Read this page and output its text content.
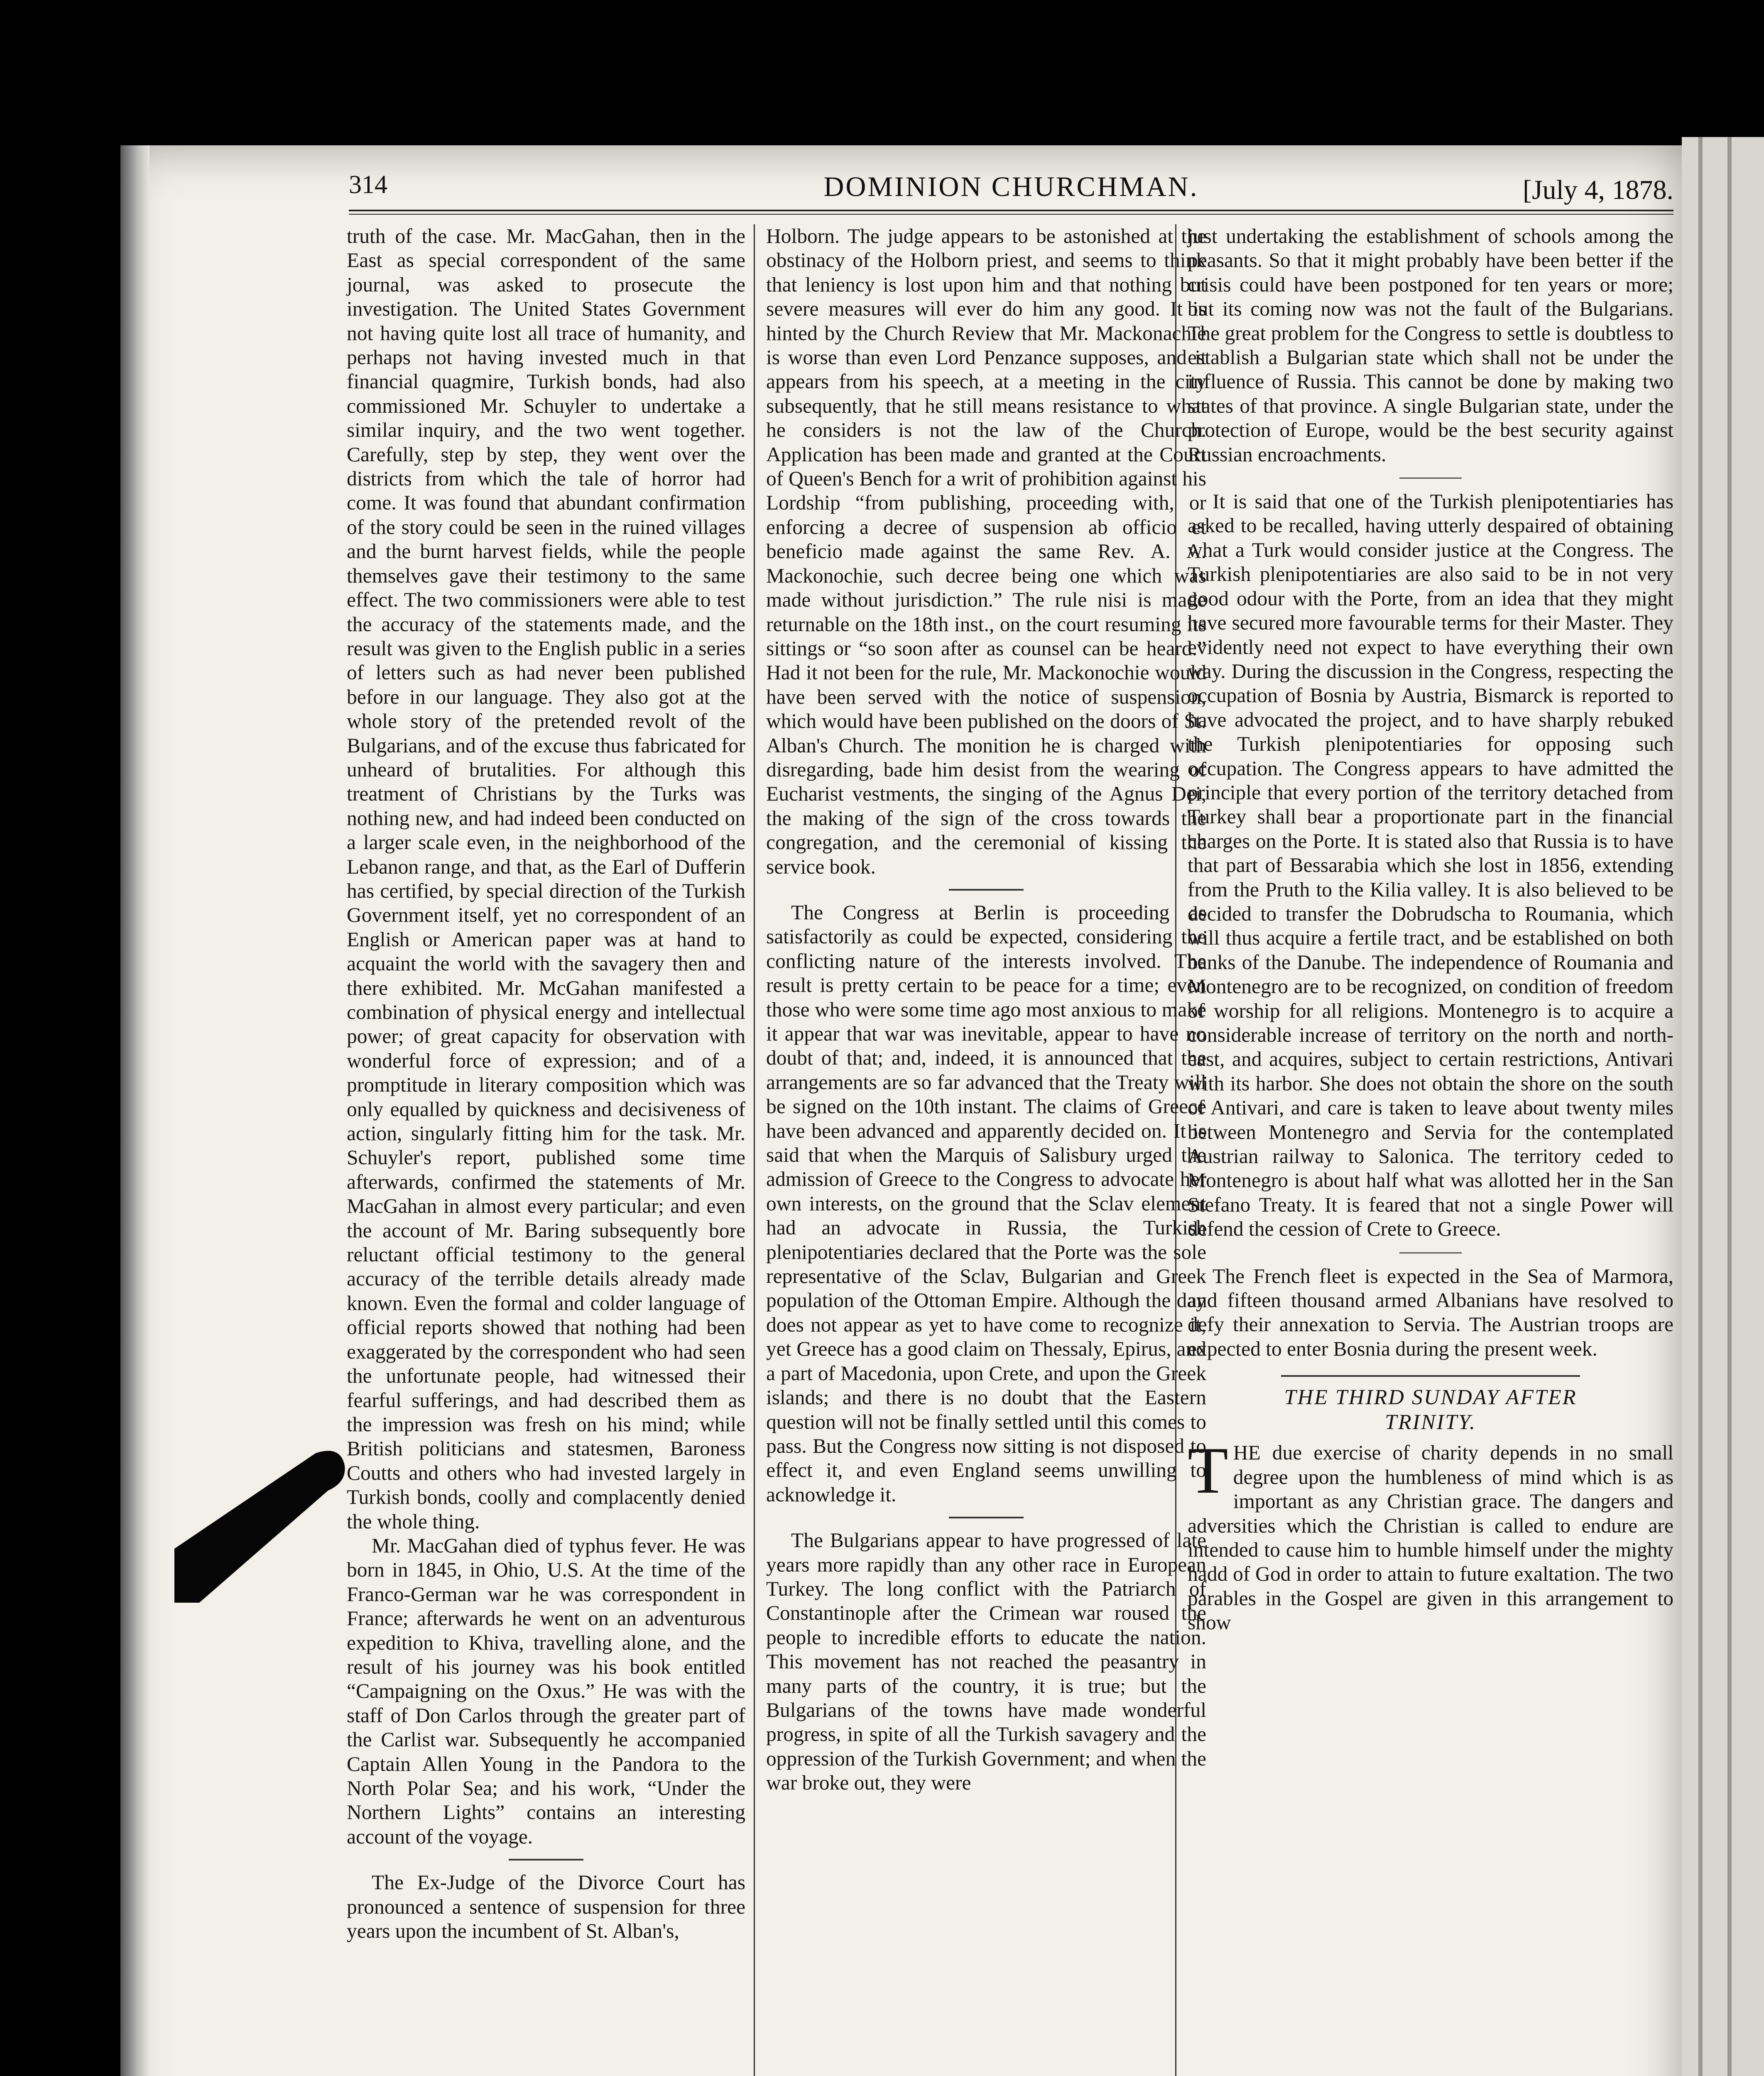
314	DOMINION CHURCHMAN.	[July 4, 1878.

truth of the case. Mr. MacGahan, then in the East as special correspondent of the same journal, was asked to prosecute the investigation. The United States Government not having quite lost all trace of humanity, and perhaps not having invested much in that financial quagmire, Turkish bonds, had also commissioned Mr. Schuyler to undertake a similar inquiry, and the two went together. Carefully, step by step, they went over the districts from which the tale of horror had come. It was found that abundant confirmation of the story could be seen in the ruined villages and the burnt harvest fields, while the people themselves gave their testimony to the same effect. The two commissioners were able to test the accuracy of the statements made, and the result was given to the English public in a series of letters such as had never been published before in our language. They also got at the whole story of the pretended revolt of the Bulgarians, and of the excuse thus fabricated for unheard of brutalities. For although this treatment of Christians by the Turks was nothing new, and had indeed been conducted on a larger scale even, in the neighborhood of the Lebanon range, and that, as the Earl of Dufferin has certified, by special direction of the Turkish Government itself, yet no correspondent of an English or American paper was at hand to acquaint the world with the savagery then and there exhibited. Mr. McGahan manifested a combination of physical energy and intellectual power; of great capacity for observation with wonderful force of expression; and of a promptitude in literary composition which was only equalled by quickness and decisiveness of action, singularly fitting him for the task. Mr. Schuyler's report, published some time afterwards, confirmed the statements of Mr. MacGahan in almost every particular; and even the account of Mr. Baring subsequently bore reluctant official testimony to the general accuracy of the terrible details already made known. Even the formal and colder language of official reports showed that nothing had been exaggerated by the correspondent who had seen the unfortunate people, had witnessed their fearful sufferings, and had described them as the impression was fresh on his mind; while British politicians and statesmen, Baroness Coutts and others who had invested largely in Turkish bonds, coolly and complacently denied the whole thing.

Mr. MacGahan died of typhus fever. He was born in 1845, in Ohio, U.S. At the time of the Franco-German war he was correspondent in France; afterwards he went on an adventurous expedition to Khiva, travelling alone, and the result of his journey was his book entitled “Campaigning on the Oxus.” He was with the staff of Don Carlos through the greater part of the Carlist war. Subsequently he accompanied Captain Allen Young in the Pandora to the North Polar Sea; and his work, “Under the Northern Lights” contains an interesting account of the voyage.

The Ex-Judge of the Divorce Court has pronounced a sentence of suspension for three years upon the incumbent of St. Alban's,

Holborn. The judge appears to be astonished at the obstinacy of the Holborn priest, and seems to think that leniency is lost upon him and that nothing but severe measures will ever do him any good. It is hinted by the Church Review that Mr. Mackonachie is worse than even Lord Penzance supposes, and it appears from his speech, at a meeting in the city subsequently, that he still means resistance to what he considers is not the law of the Church. Application has been made and granted at the Court of Queen's Bench for a writ of prohibition against his Lordship “from publishing, proceeding with, or enforcing a decree of suspension ab officio et beneficio made against the same Rev. A. A. Mackonochie, such decree being one which was made without jurisdiction.” The rule nisi is made returnable on the 18th inst., on the court resuming its sittings or “so soon after as counsel can be heard.” Had it not been for the rule, Mr. Mackonochie would have been served with the notice of suspension, which would have been published on the doors of St. Alban's Church. The monition he is charged with disregarding, bade him desist from the wearing of Eucharist vestments, the singing of the Agnus Dei, the making of the sign of the cross towards the congregation, and the ceremonial of kissing the service book.

The Congress at Berlin is proceeding as satisfactorily as could be expected, considering the conflicting nature of the interests involved. The result is pretty certain to be peace for a time; even those who were some time ago most anxious to make it appear that war was inevitable, appear to have no doubt of that; and, indeed, it is announced that the arrangements are so far advanced that the Treaty will be signed on the 10th instant. The claims of Greece have been advanced and apparently decided on. It is said that when the Marquis of Salisbury urged the admission of Greece to the Congress to advocate her own interests, on the ground that the Sclav element had an advocate in Russia, the Turkish plenipotentiaries declared that the Porte was the sole representative of the Sclav, Bulgarian and Greek population of the Ottoman Empire. Although the day does not appear as yet to have come to recognize it, yet Greece has a good claim on Thessaly, Epirus, and a part of Macedonia, upon Crete, and upon the Greek islands; and there is no doubt that the Eastern question will not be finally settled until this comes to pass. But the Congress now sitting is not disposed to effect it, and even England seems unwilling to acknowledge it.

The Bulgarians appear to have progressed of late years more rapidly than any other race in European Turkey. The long conflict with the Patriarch of Constantinople after the Crimean war roused the people to incredible efforts to educate the nation. This movement has not reached the peasantry in many parts of the country, it is true; but the Bulgarians of the towns have made wonderful progress, in spite of all the Turkish savagery and the oppression of the Turkish Government; and when the war broke out, they were

just undertaking the establishment of schools among the peasants. So that it might probably have been better if the crisis could have been postponed for ten years or more; but its coming now was not the fault of the Bulgarians. The great problem for the Congress to settle is doubtless to establish a Bulgarian state which shall not be under the influence of Russia. This cannot be done by making two states of that province. A single Bulgarian state, under the protection of Europe, would be the best security against Russian encroachments.

It is said that one of the Turkish plenipotentiaries has asked to be recalled, having utterly despaired of obtaining what a Turk would consider justice at the Congress. The Turkish plenipotentiaries are also said to be in not very good odour with the Porte, from an idea that they might have secured more favourable terms for their Master. They evidently need not expect to have everything their own way. During the discussion in the Congress, respecting the occupation of Bosnia by Austria, Bismarck is reported to have advocated the project, and to have sharply rebuked the Turkish plenipotentiaries for opposing such occupation. The Congress appears to have admitted the principle that every portion of the territory detached from Turkey shall bear a proportionate part in the financial charges on the Porte. It is stated also that Russia is to have that part of Bessarabia which she lost in 1856, extending from the Pruth to the Kilia valley. It is also believed to be decided to transfer the Dobrudscha to Roumania, which will thus acquire a fertile tract, and be established on both banks of the Danube. The independence of Roumania and Montenegro are to be recognized, on condition of freedom of worship for all religions. Montenegro is to acquire a considerable increase of territory on the north and north-east, and acquires, subject to certain restrictions, Antivari with its harbor. She does not obtain the shore on the south of Antivari, and care is taken to leave about twenty miles between Montenegro and Servia for the contemplated Austrian railway to Salonica. The territory ceded to Montenegro is about half what was allotted her in the San Stefano Treaty. It is feared that not a single Power will defend the cession of Crete to Greece.

The French fleet is expected in the Sea of Marmora, and fifteen thousand armed Albanians have resolved to defy their annexation to Servia. The Austrian troops are expected to enter Bosnia during the present week.

THE THIRD SUNDAY AFTER
TRINITY.

THE due exercise of charity depends in no small degree upon the humbleness of mind which is as important as any Christian grace. The dangers and adversities which the Christian is called to endure are intended to cause him to humble himself under the mighty hadd of God in order to attain to future exaltation. The two parables in the Gospel are given in this arrangement to show
